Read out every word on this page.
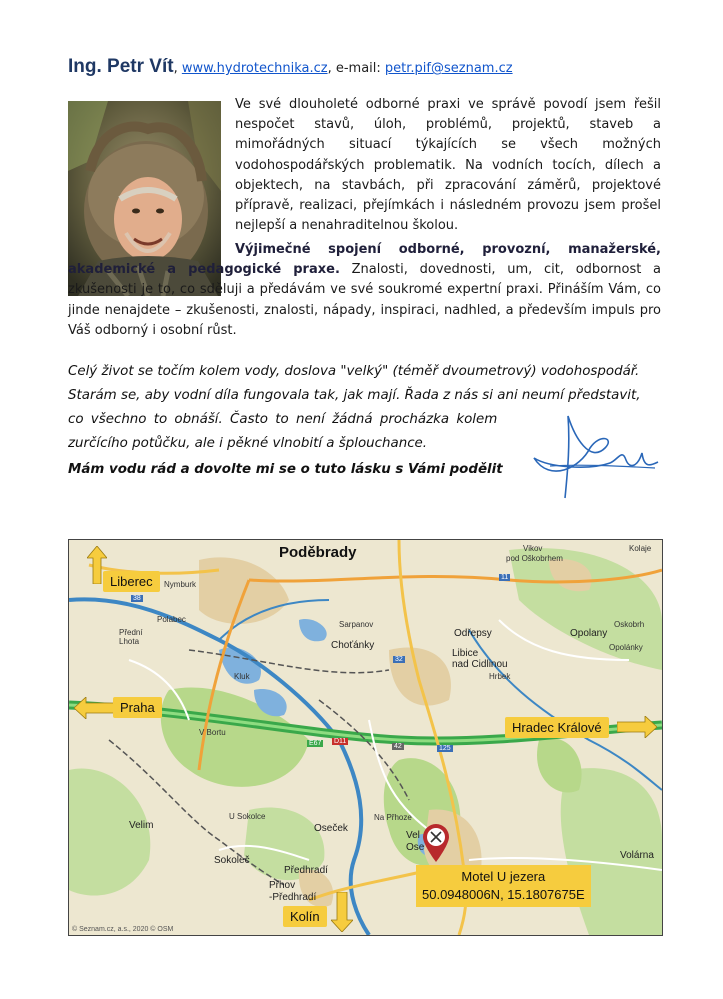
Ing. Petr Vít, www.hydrotechnika.cz, e-mail: petr.pif@seznam.cz
Ve své dlouholeté odborné praxi ve správě povodí jsem řešil nespočet stavů, úloh, problémů, projektů, staveb a mimořádných situací týkajících se všech možných vodohospodářských problematik. Na vodních tocích, dílech a objektech, na stavbách, při zpracování záměrů, projektové přípravě, realizaci, přejímkách i následném provozu jsem prošel nejlepší a nenahraditelnou školou.
Výjimečné spojení odborné, provozní, manažerské, akademické a pedagogické praxe. Znalosti, dovednosti, um, cit, odbornost a zkušenosti je to, co sděluji a předávám ve své soukromé expertní praxi. Přináším Vám, co jinde nenajdete – zkušenosti, znalosti, nápady, inspiraci, nadhled, a především impuls pro Váš odborný i osobní růst.
Celý život se točím kolem vody, doslova "velký" (téměř dvoumetrový) vodohospodář.
Starám se, aby vodní díla fungovala tak, jak mají. Řada z nás si ani neumí představit,
co všechno to obnáší. Často to není žádná procházka kolem
zurčícího potůčku, ale i pěkné vlnobití a šplouchance.
Mám vodu rád a dovolte mi se o tuto lásku s Vámi podělit
Poděbrady	Vikov
pod Oškobrhem
Kolaje
Oskobrh
Opolánky
Opolany
Odřepsy
Libice
nad Cidlinou
Choťánky
Sarpanov
Nymburk
Polabec
Přední
Lhota
Kluk
V Bortu
U Sokolce
Velim	Oseček
Sokoleč
Předhradí
Přhov
-Předhradí
Na Přhoze
Vel
Ose
Volárna
Hrbek
38
11
32
125
E67 D11
42
Liberec
Praha
Hradec Králové
Kolín
Motel U jezera
50.0948006N, 15.1807675E
© Seznam.cz, a.s., 2020 © OSM
